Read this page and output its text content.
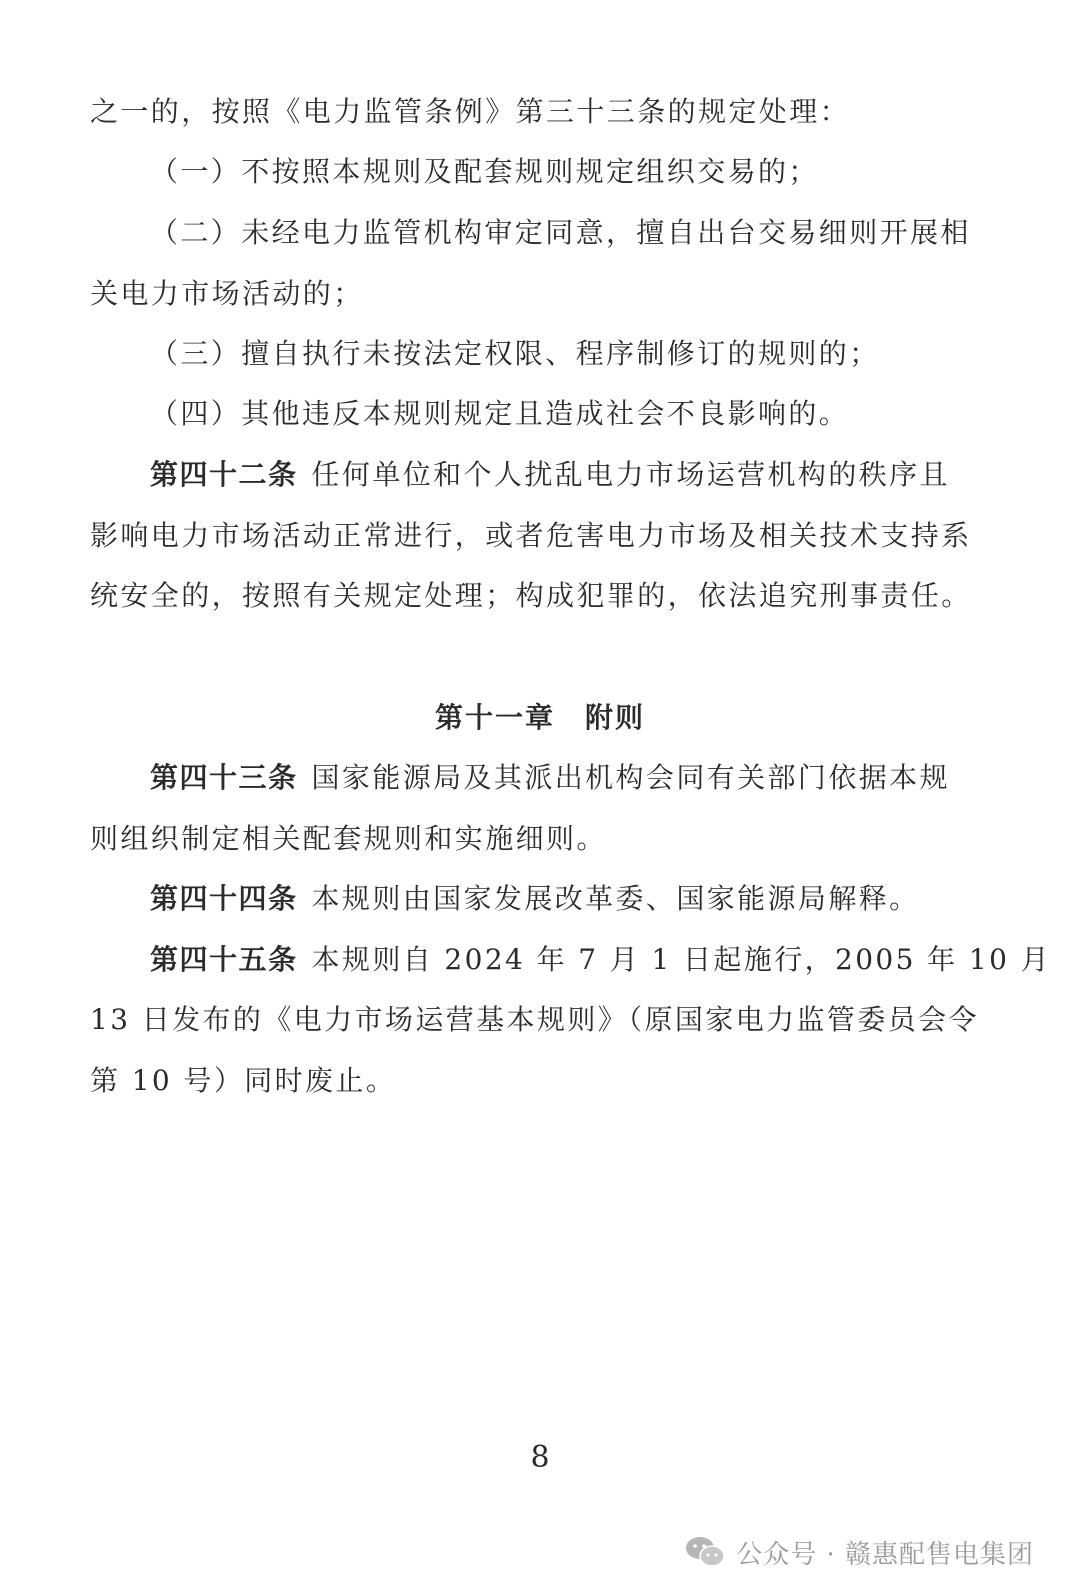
之一的，按照《电力监管条例》第三十三条的规定处理：
（一）不按照本规则及配套规则规定组织交易的；
（二）未经电力监管机构审定同意，擅自出台交易细则开展相
关电力市场活动的；
（三）擅自执行未按法定权限、程序制修订的规则的；
（四）其他违反本规则规定且造成社会不良影响的。
第四十二条 任何单位和个人扰乱电力市场运营机构的秩序且
影响电力市场活动正常进行，或者危害电力市场及相关技术支持系
统安全的，按照有关规定处理；构成犯罪的，依法追究刑事责任。
第十一章　附则
第四十三条 国家能源局及其派出机构会同有关部门依据本规
则组织制定相关配套规则和实施细则。
第四十四条 本规则由国家发展改革委、国家能源局解释。
第四十五条 本规则自 2024 年 7 月 1 日起施行，2005 年 10 月
13 日发布的《电力市场运营基本规则》（原国家电力监管委员会令
第 10 号）同时废止。
8
公众号 · 赣惠配售电集团
